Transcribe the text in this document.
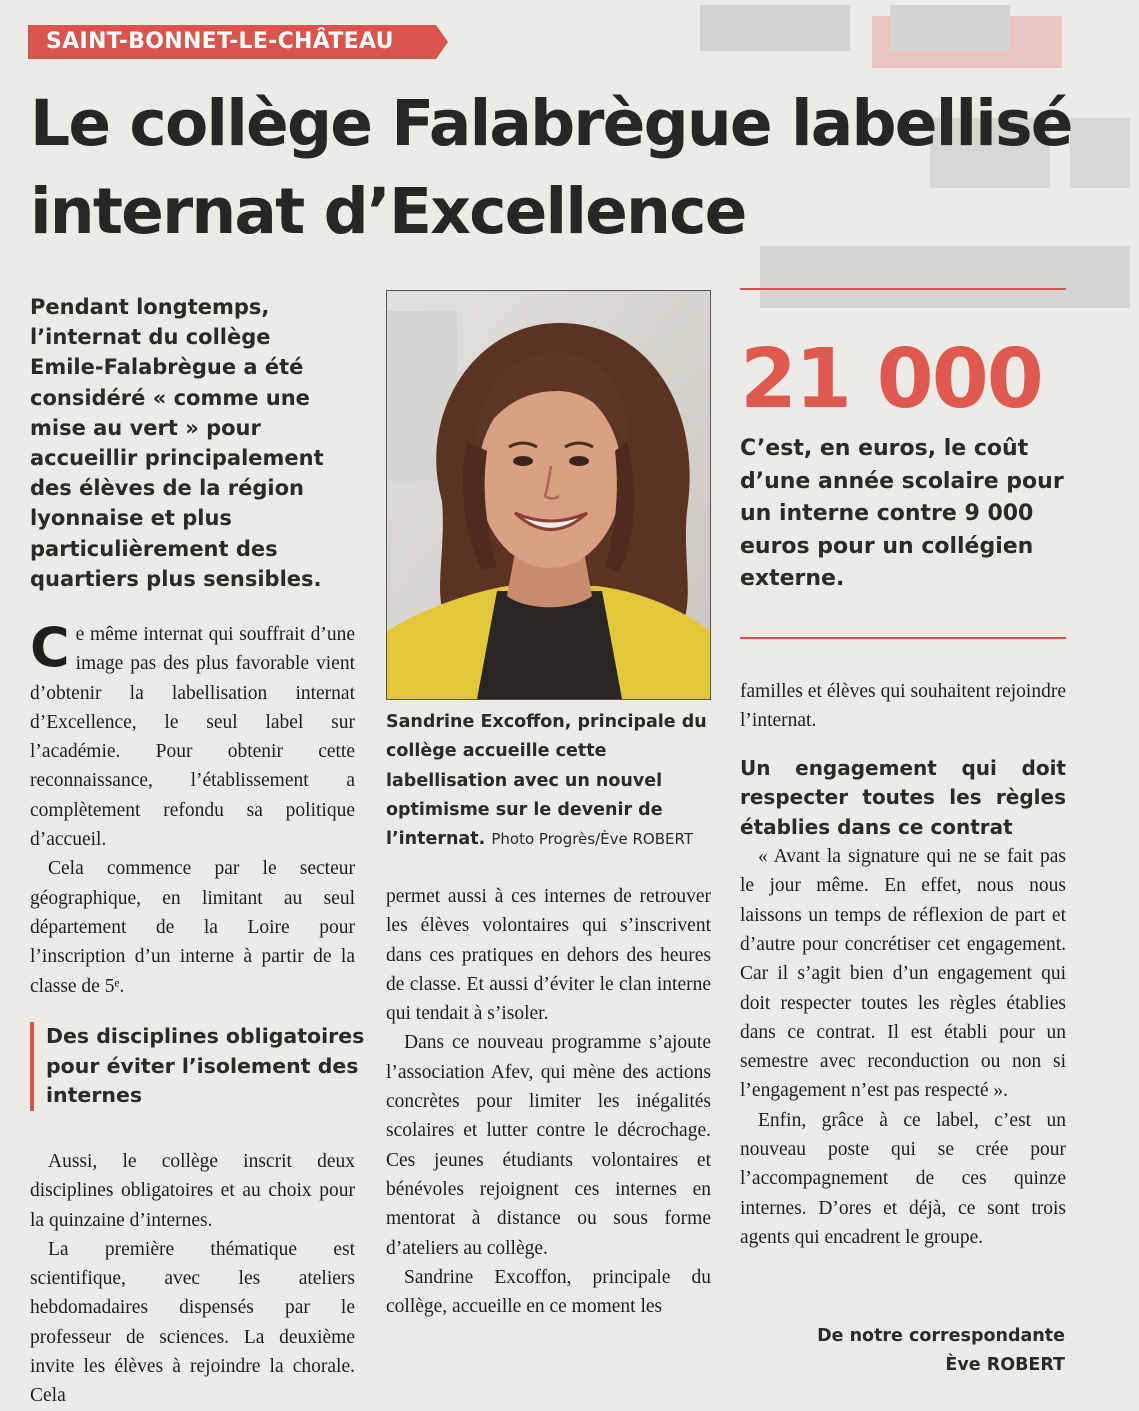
SAINT-BONNET-LE-CHÂTEAU
Le collège Falabrègue labellisé
internat d’Excellence
Pendant longtemps, l’internat du collège Emile-Falabrègue a été considéré « comme une mise au vert » pour accueillir principalement des élèves de la région lyonnaise et plus particulièrement des quartiers plus sensibles.

Ce même internat qui souffrait d’une image pas des plus favorable vient d’obtenir la labellisation internat d’Excellence, le seul label sur l’académie. Pour obtenir cette reconnaissance, l’établissement a complètement refondu sa politique d’accueil.

Cela commence par le secteur géographique, en limitant au seul département de la Loire pour l’inscription d’un interne à partir de la classe de 5ᵉ.

Des disciplines obligatoires pour éviter l’isolement des internes

Aussi, le collège inscrit deux disciplines obligatoires et au choix pour la quinzaine d’internes.

La première thématique est scientifique, avec les ateliers hebdomadaires dispensés par le professeur de sciences. La deuxième invite les élèves à rejoindre la chorale. Cela

Sandrine Excoffon, principale du collège accueille cette labellisation avec un nouvel optimisme sur le devenir de l’internat. Photo Progrès/Ève ROBERT

permet aussi à ces internes de retrouver les élèves volontaires qui s’inscrivent dans ces pratiques en dehors des heures de classe. Et aussi d’éviter le clan interne qui tendait à s’isoler.

Dans ce nouveau programme s’ajoute l’association Afev, qui mène des actions concrètes pour limiter les inégalités scolaires et lutter contre le décrochage. Ces jeunes étudiants volontaires et bénévoles rejoignent ces internes en mentorat à distance ou sous forme d’ateliers au collège.

Sandrine Excoffon, principale du collège, accueille en ce moment les

21 000
C’est, en euros, le coût d’une année scolaire pour un interne contre 9 000 euros pour un collégien externe.

familles et élèves qui souhaitent rejoindre l’internat.

Un engagement qui doit respecter toutes les règles établies dans ce contrat

« Avant la signature qui ne se fait pas le jour même. En effet, nous nous laissons un temps de réflexion de part et d’autre pour concrétiser cet engagement. Car il s’agit bien d’un engagement qui doit respecter toutes les règles établies dans ce contrat. Il est établi pour un semestre avec reconduction ou non si l’engagement n’est pas respecté ».

Enfin, grâce à ce label, c’est un nouveau poste qui se crée pour l’accompagnement de ces quinze internes. D’ores et déjà, ce sont trois agents qui encadrent le groupe.

De notre correspondante
Ève ROBERT
